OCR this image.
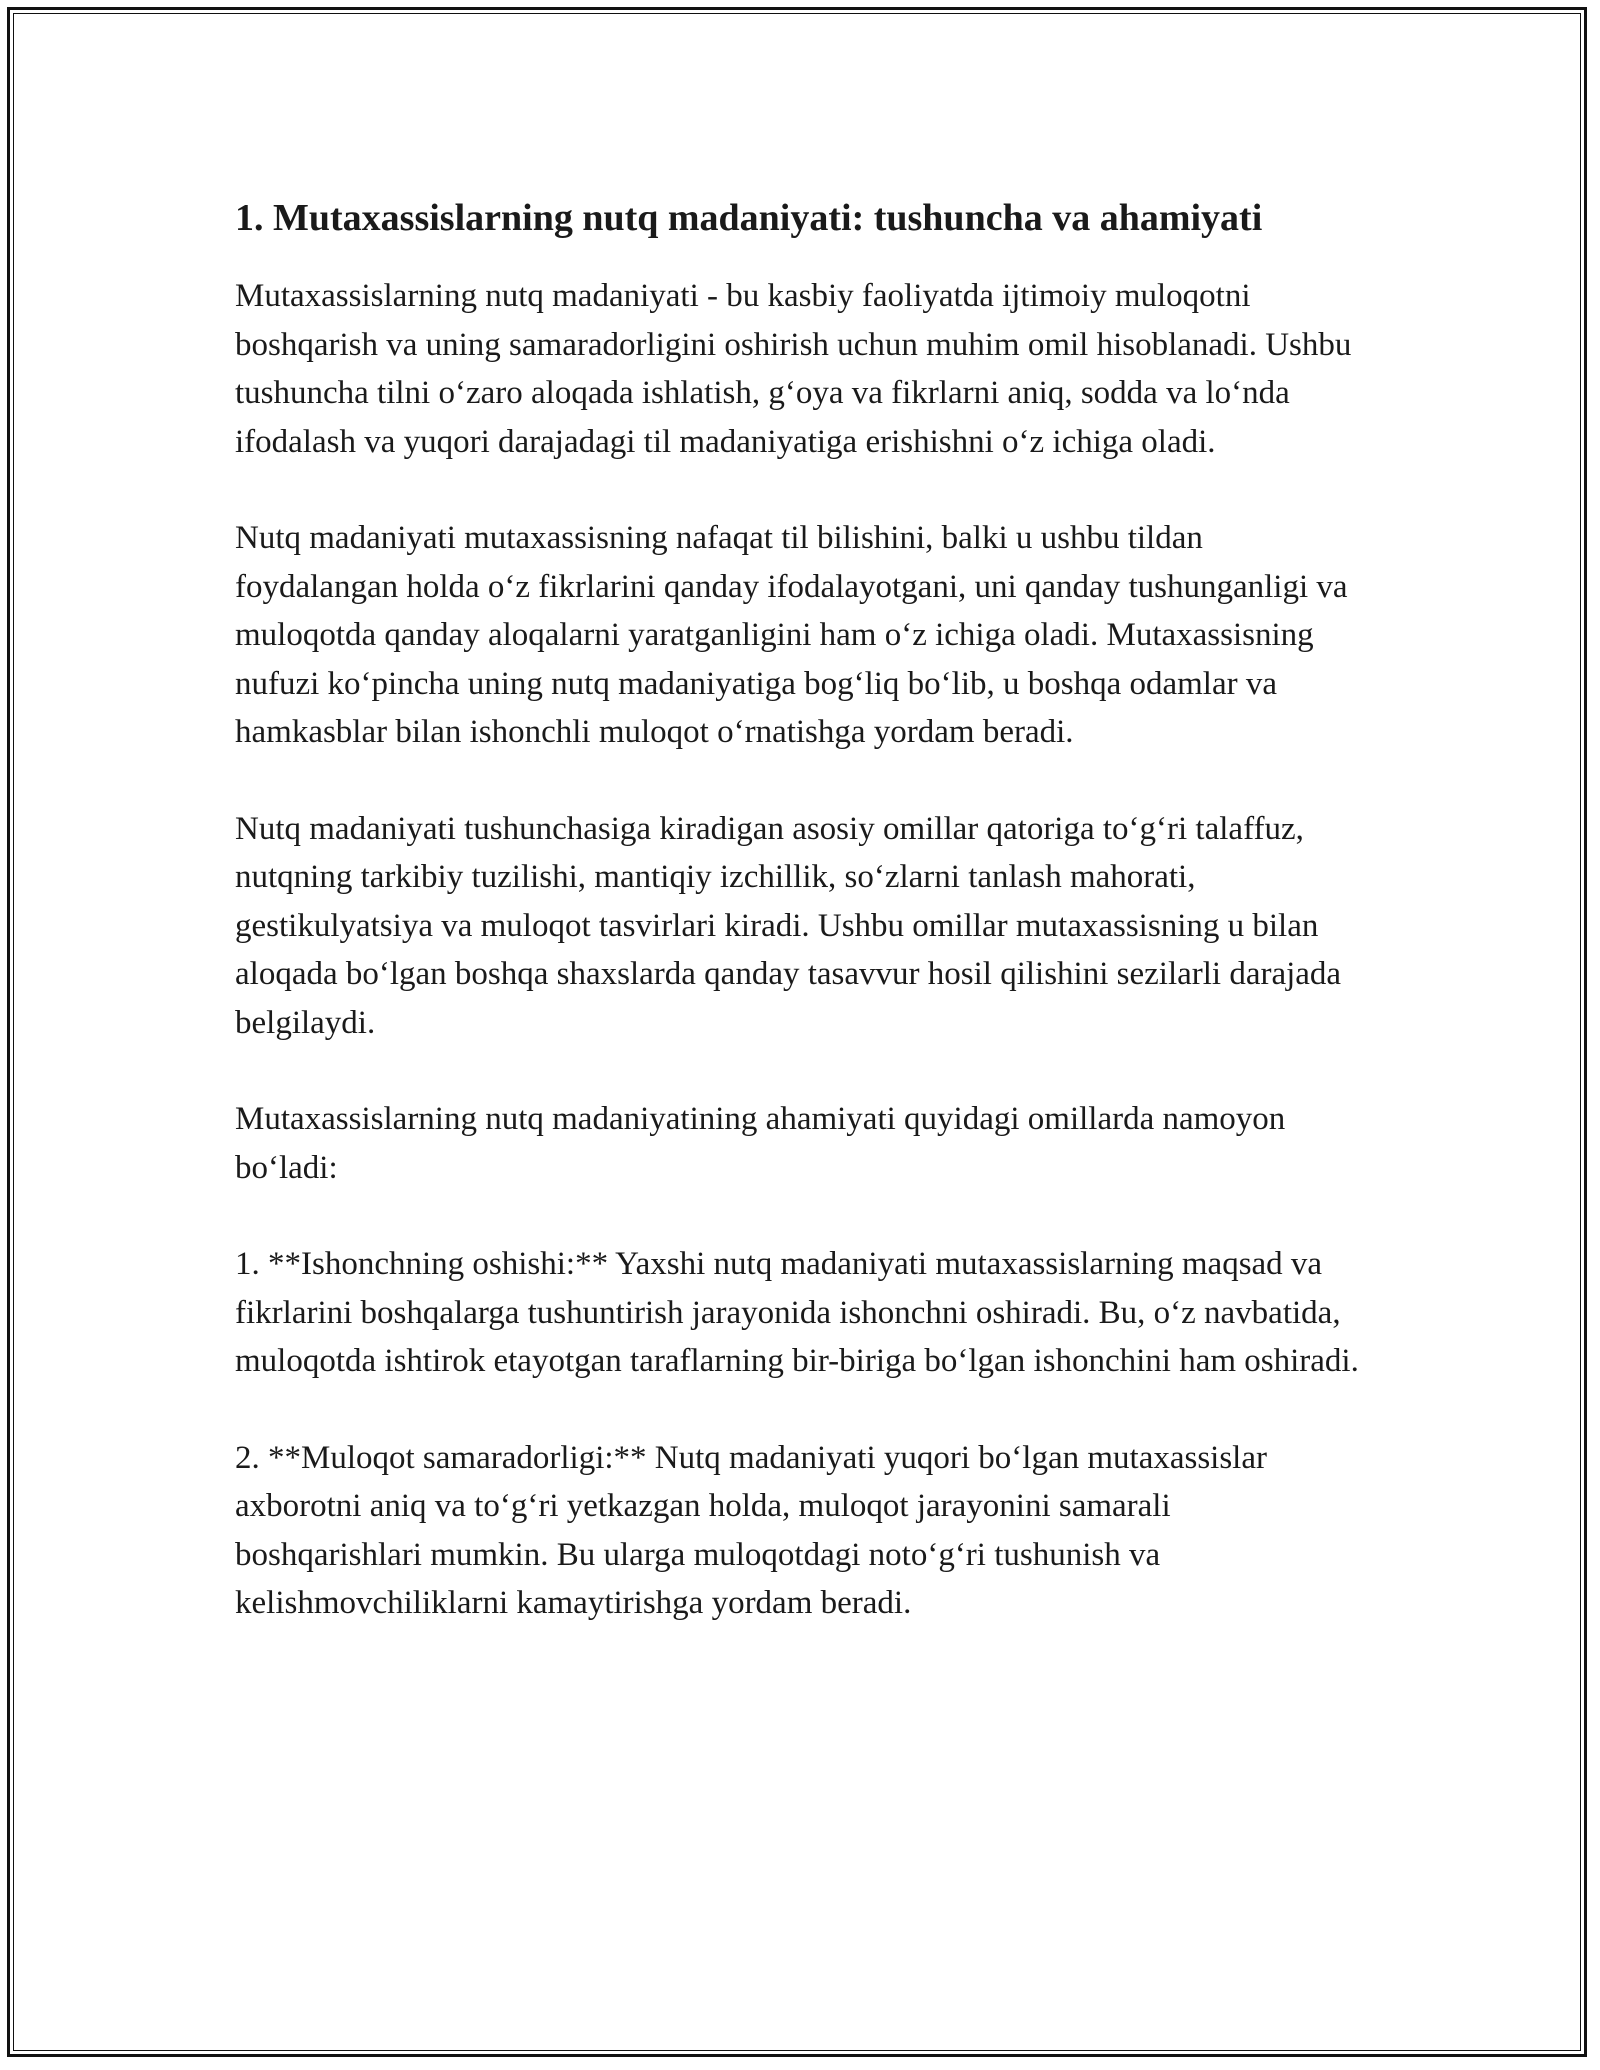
1. Mutaxassislarning nutq madaniyati: tushuncha va ahamiyati

Mutaxassislarning nutq madaniyati - bu kasbiy faoliyatda ijtimoiy muloqotni boshqarish va uning samaradorligini oshirish uchun muhim omil hisoblanadi. Ushbu tushuncha tilni o‘zaro aloqada ishlatish, g‘oya va fikrlarni aniq, sodda va lo‘nda ifodalash va yuqori darajadagi til madaniyatiga erishishni o‘z ichiga oladi.

Nutq madaniyati mutaxassisning nafaqat til bilishini, balki u ushbu tildan foydalangan holda o‘z fikrlarini qanday ifodalayotgani, uni qanday tushunganligi va muloqotda qanday aloqalarni yaratganligini ham o‘z ichiga oladi. Mutaxassisning nufuzi ko‘pincha uning nutq madaniyatiga bog‘liq bo‘lib, u boshqa odamlar va hamkasblar bilan ishonchli muloqot o‘rnatishga yordam beradi.

Nutq madaniyati tushunchasiga kiradigan asosiy omillar qatoriga to‘g‘ri talaffuz, nutqning tarkibiy tuzilishi, mantiqiy izchillik, so‘zlarni tanlash mahorati, gestikulyatsiya va muloqot tasvirlari kiradi. Ushbu omillar mutaxassisning u bilan aloqada bo‘lgan boshqa shaxslarda qanday tasavvur hosil qilishini sezilarli darajada belgilaydi.

Mutaxassislarning nutq madaniyatining ahamiyati quyidagi omillarda namoyon bo‘ladi:

1. **Ishonchning oshishi:** Yaxshi nutq madaniyati mutaxassislarning maqsad va fikrlarini boshqalarga tushuntirish jarayonida ishonchni oshiradi. Bu, o‘z navbatida, muloqotda ishtirok etayotgan taraflarning bir-biriga bo‘lgan ishonchini ham oshiradi.

2. **Muloqot samaradorligi:** Nutq madaniyati yuqori bo‘lgan mutaxassislar axborotni aniq va to‘g‘ri yetkazgan holda, muloqot jarayonini samarali boshqarishlari mumkin. Bu ularga muloqotdagi noto‘g‘ri tushunish va kelishmovchiliklarni kamaytirishga yordam beradi.
